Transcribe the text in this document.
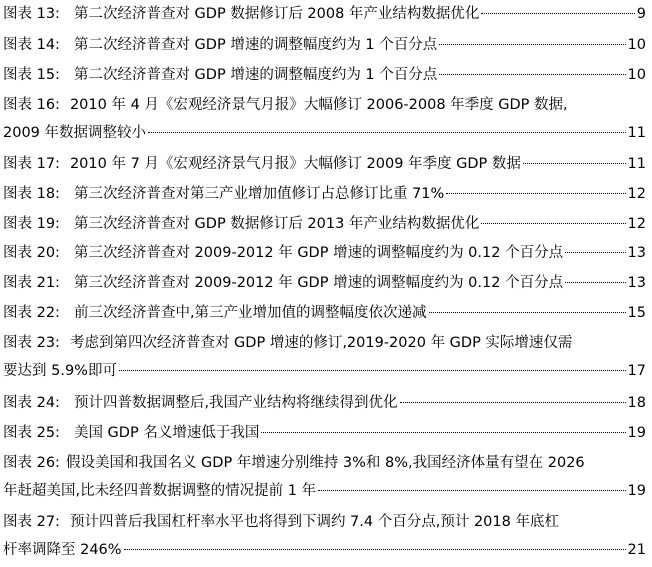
图表 13: 第二次经济普查对 GDP 数据修订后 2008 年产业结构数据优化	9
图表 14: 第二次经济普查对 GDP 增速的调整幅度约为 1 个百分点	10
图表 15: 第二次经济普查对 GDP 增速的调整幅度约为 1 个百分点	10
图表 16: 2010 年 4 月《宏观经济景气月报》大幅修订 2006-2008 年季度 GDP 数据,
2009 年数据调整较小	11
图表 17: 2010 年 7 月《宏观经济景气月报》大幅修订 2009 年季度 GDP 数据	11
图表 18: 第三次经济普查对第三产业增加值修订占总修订比重 71%	12
图表 19: 第三次经济普查对 GDP 数据修订后 2013 年产业结构数据优化	12
图表 20: 第三次经济普查对 2009-2012 年 GDP 增速的调整幅度约为 0.12 个百分点	13
图表 21: 第三次经济普查对 2009-2012 年 GDP 增速的调整幅度约为 0.12 个百分点	13
图表 22: 前三次经济普查中,第三产业增加值的调整幅度依次递减	15
图表 23: 考虑到第四次经济普查对 GDP 增速的修订,2019-2020 年 GDP 实际增速仅需
要达到 5.9%即可	17
图表 24: 预计四普数据调整后,我国产业结构将继续得到优化	18
图表 25: 美国 GDP 名义增速低于我国	19
图表 26: 假设美国和我国名义 GDP 年增速分别维持 3%和 8%,我国经济体量有望在 2026
年赶超美国,比未经四普数据调整的情况提前 1 年	19
图表 27: 预计四普后我国杠杆率水平也将得到下调约 7.4 个百分点,预计 2018 年底杠
杆率调降至 246%	21
